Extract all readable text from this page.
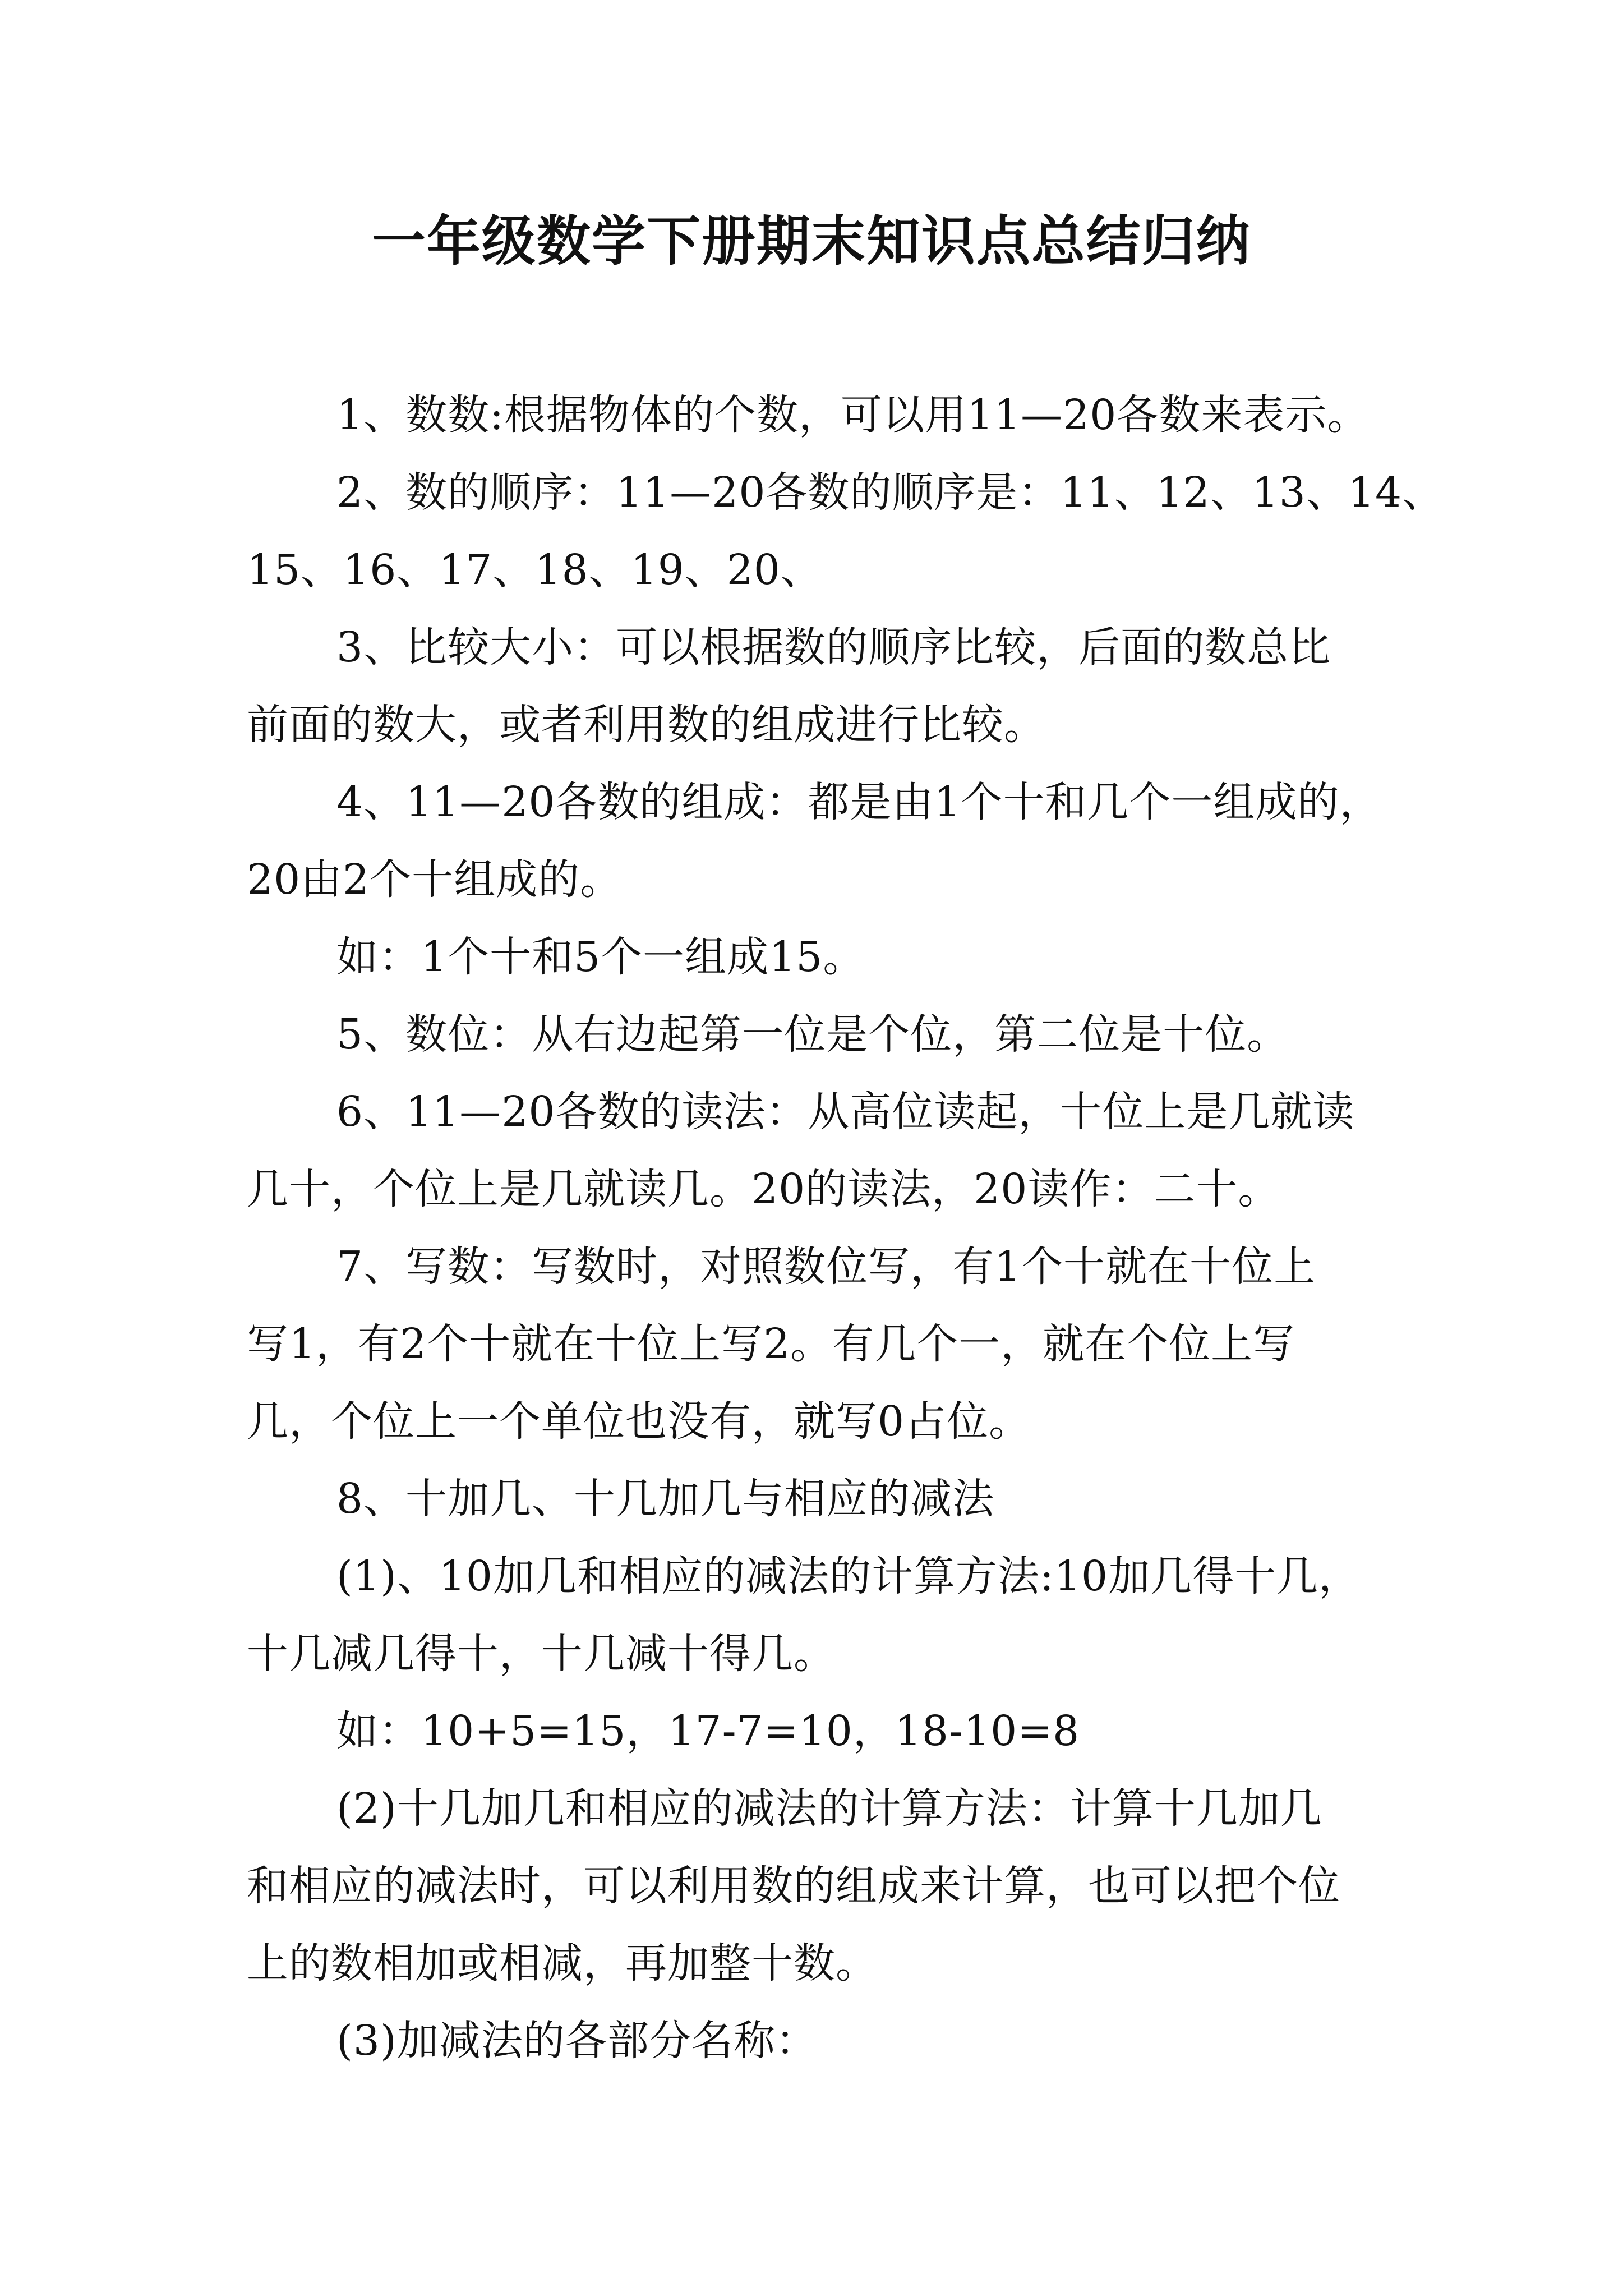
一年级数学下册期末知识点总结归纳
1、数数:根据物体的个数，可以用11—20各数来表示。
2、数的顺序：11—20各数的顺序是：11、12、13、14、
15、16、17、18、19、20、
3、比较大小：可以根据数的顺序比较，后面的数总比
前面的数大，或者利用数的组成进行比较。
4、11—20各数的组成：都是由1个十和几个一组成的，
20由2个十组成的。
如：1个十和5个一组成15。
5、数位：从右边起第一位是个位，第二位是十位。
6、11—20各数的读法：从高位读起，十位上是几就读
几十，个位上是几就读几。20的读法，20读作：二十。
7、写数：写数时，对照数位写，有1个十就在十位上
写1，有2个十就在十位上写2。有几个一，就在个位上写
几，个位上一个单位也没有，就写0占位。
8、十加几、十几加几与相应的减法
(1)、10加几和相应的减法的计算方法:10加几得十几，
十几减几得十，十几减十得几。
如：10+5=15，17-7=10，18-10=8
(2)十几加几和相应的减法的计算方法：计算十几加几
和相应的减法时，可以利用数的组成来计算，也可以把个位
上的数相加或相减，再加整十数。
(3)加减法的各部分名称：
